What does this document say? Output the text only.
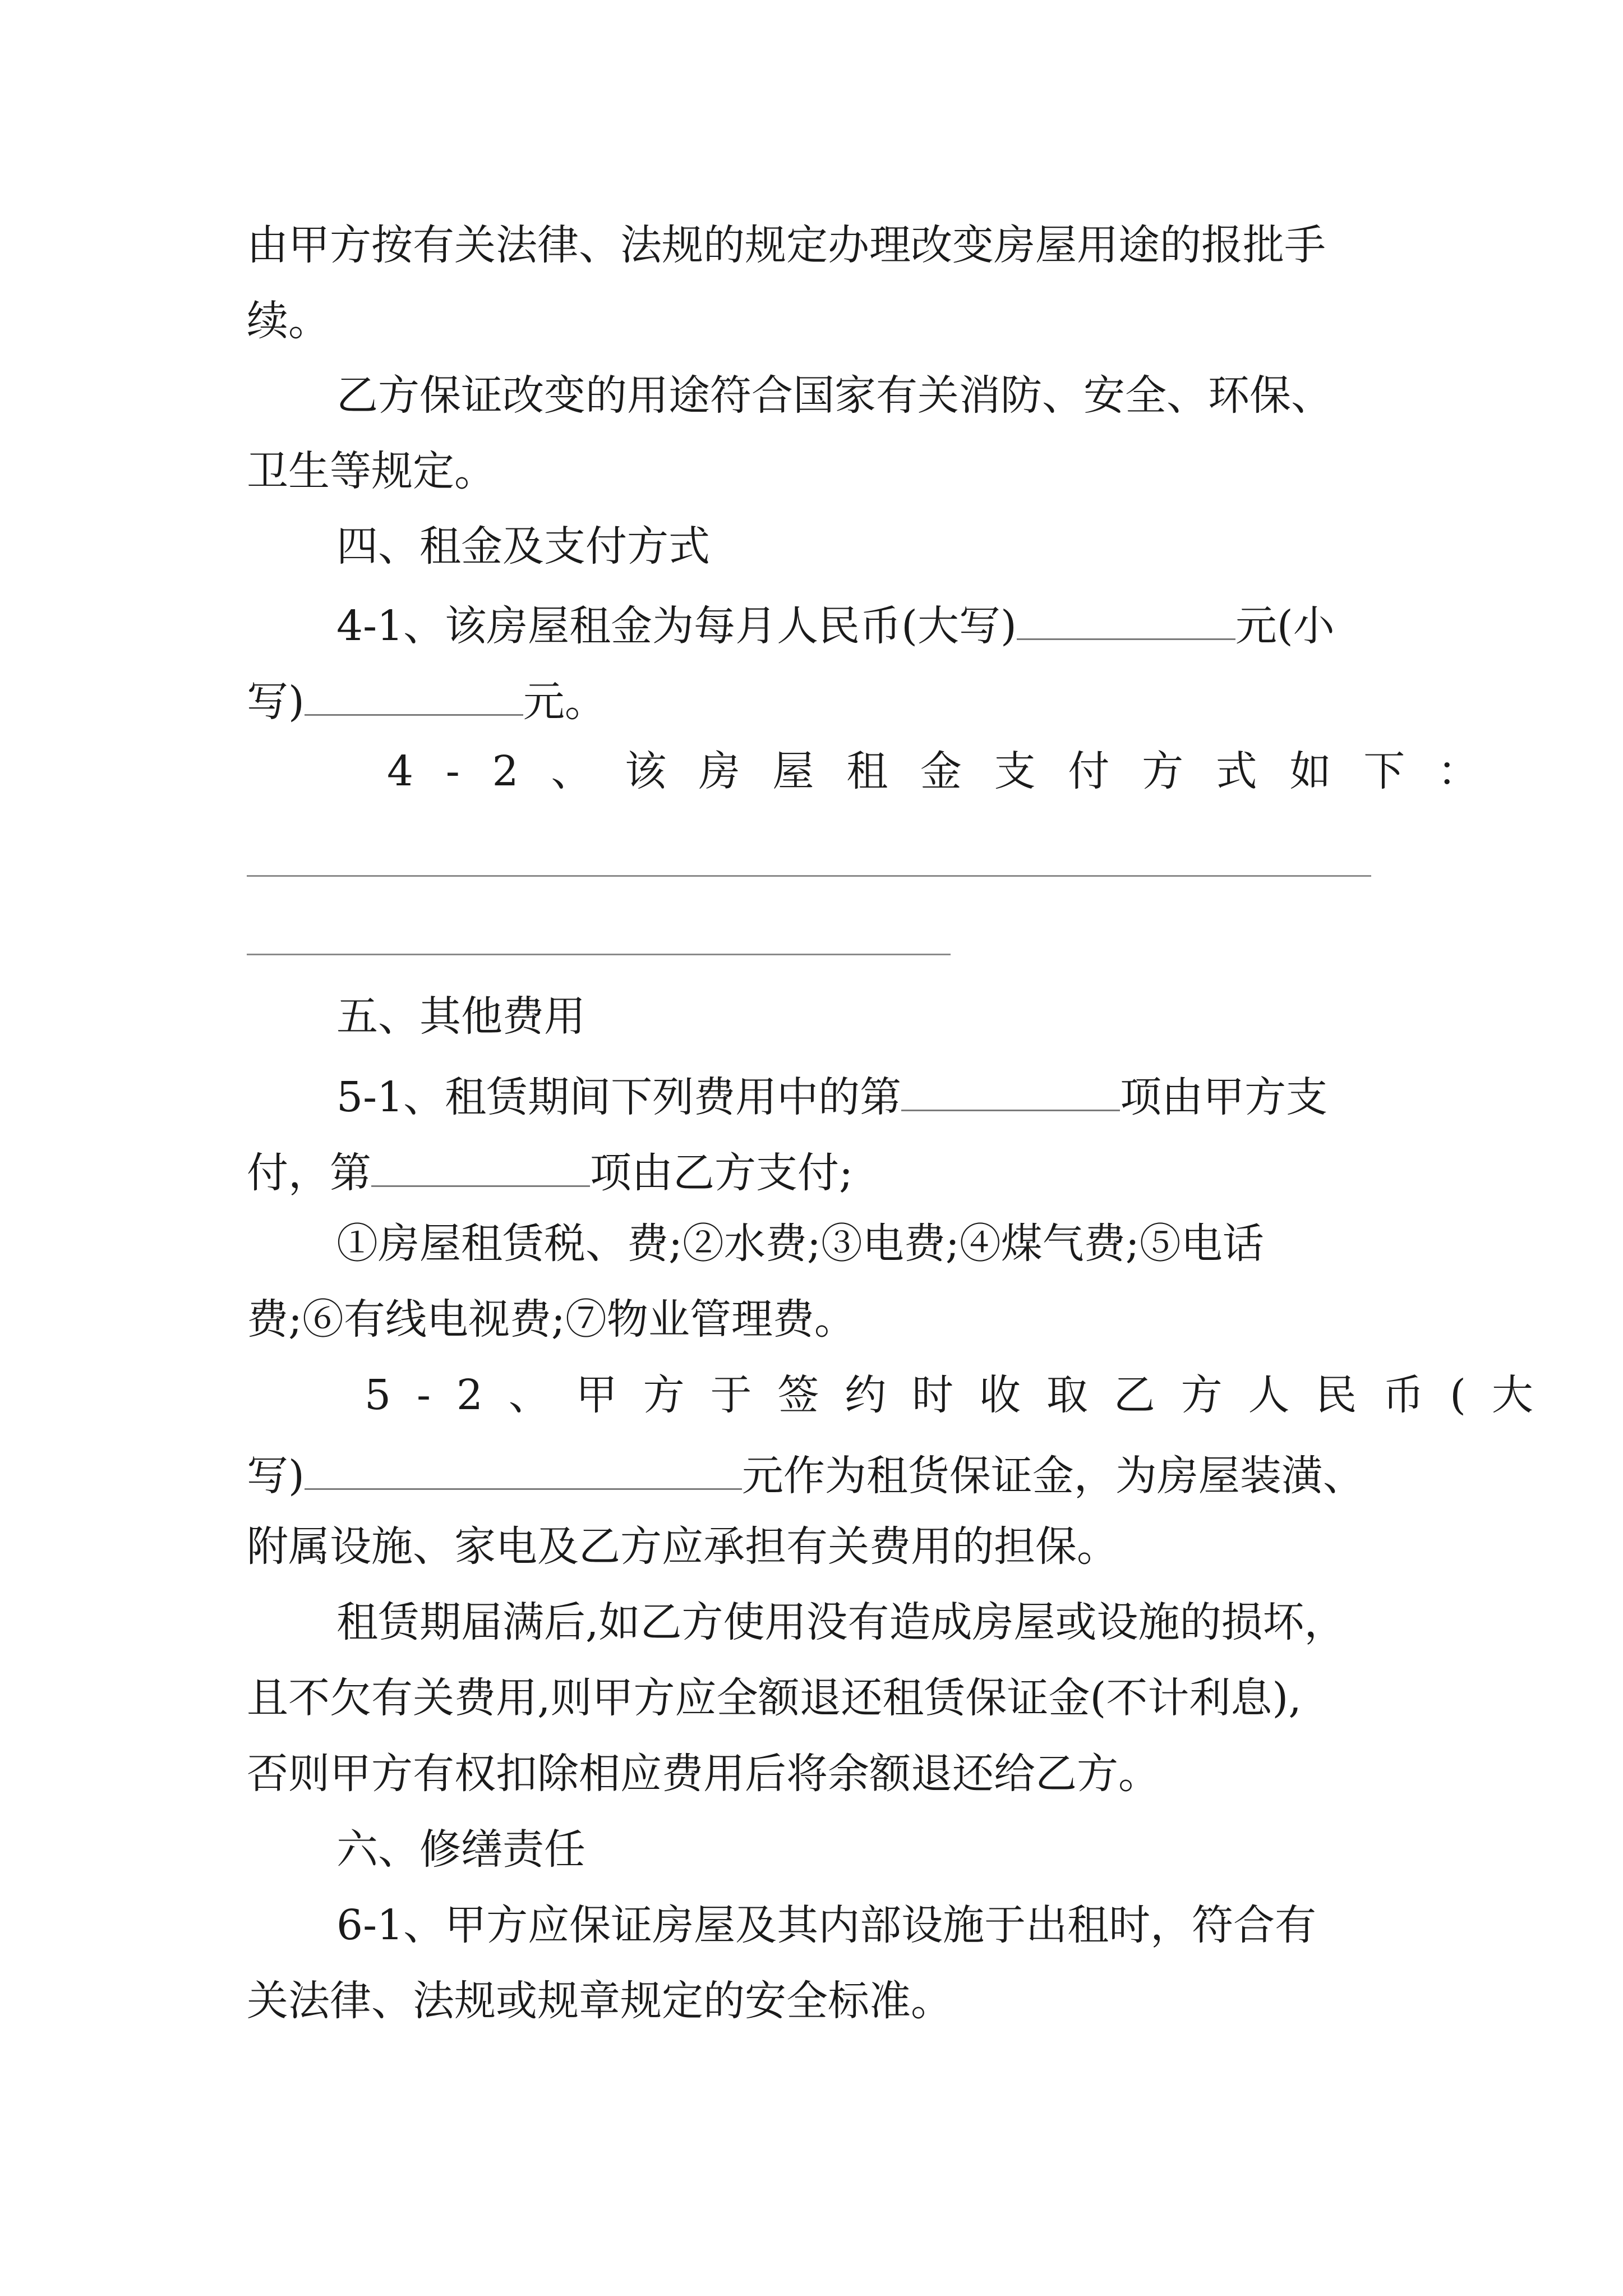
由甲方按有关法律、法规的规定办理改变房屋用途的报批手
续。
乙方保证改变的用途符合国家有关消防、安全、环保、
卫生等规定。
四、租金及支付方式
4-1、该房屋租金为每月人民币(大写)	元(小
写)	元。
4-2、该房屋租金支付方式如下：
五、其他费用
5-1、租赁期间下列费用中的第	项由甲方支
付，第	项由乙方支付;
①房屋租赁税、费;②水费;③电费;④煤气费;⑤电话
费;⑥有线电视费;⑦物业管理费。
5-2、甲方于签约时收取乙方人民币(大
写)	元作为租货保证金，为房屋装潢、
附属设施、家电及乙方应承担有关费用的担保。
租赁期届满后,如乙方使用没有造成房屋或设施的损坏，
且不欠有关费用,则甲方应全额退还租赁保证金(不计利息),
否则甲方有权扣除相应费用后将余额退还给乙方。
六、修缮责任
6-1、甲方应保证房屋及其内部设施于出租时，符合有
关法律、法规或规章规定的安全标准。
